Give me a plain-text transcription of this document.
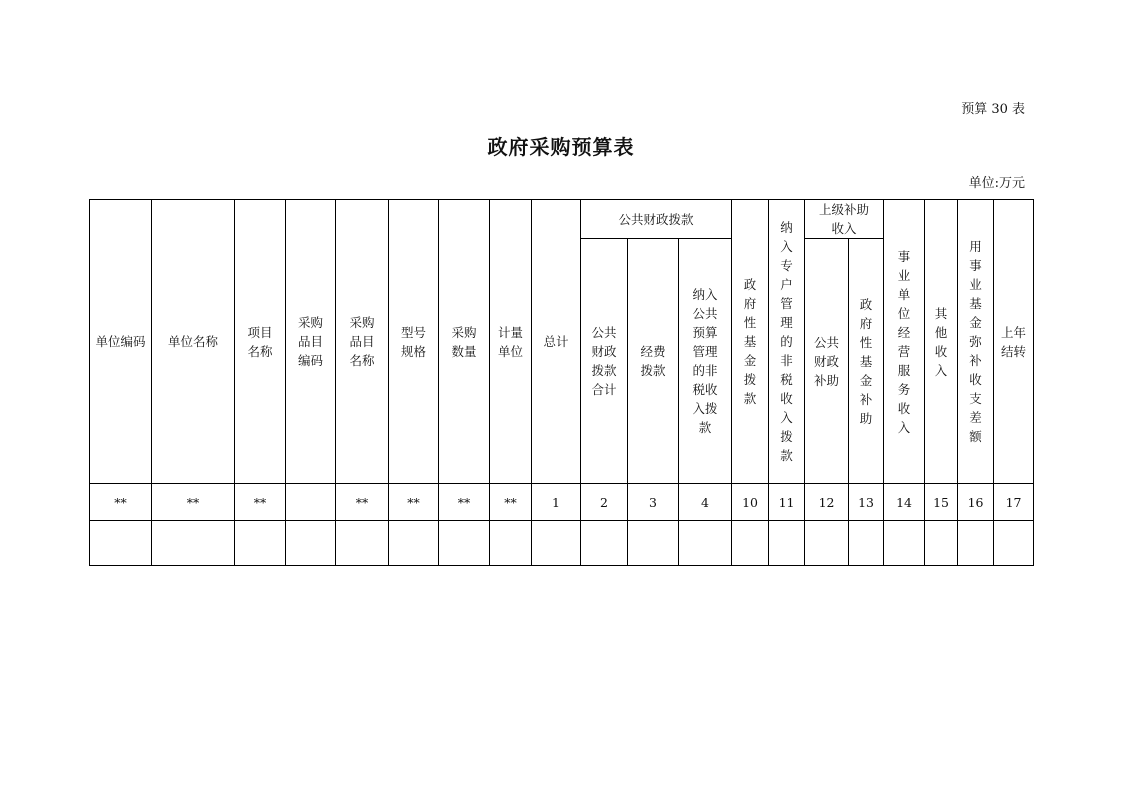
预算 30 表
政府采购预算表
单位:万元
单位编码	单位名称	项目名称	采购品目编码	采购品目名称	型号规格	采购数量	计量单位	总计	公共财政拨款			政府性基金拨款	纳入专户管理的非税收入拨款	上级补助收入		事业单位经营服务收入	其他收入	用事业基金弥补收支差额	上年结转
									公共财政拨款合计	经费拨款	纳入公共预算管理的非税收入拨款			公共财政补助	政府性基金补助				
**	**	**		**	**	**	**	1	2	3	4	10	11	12	13	14	15	16	17
